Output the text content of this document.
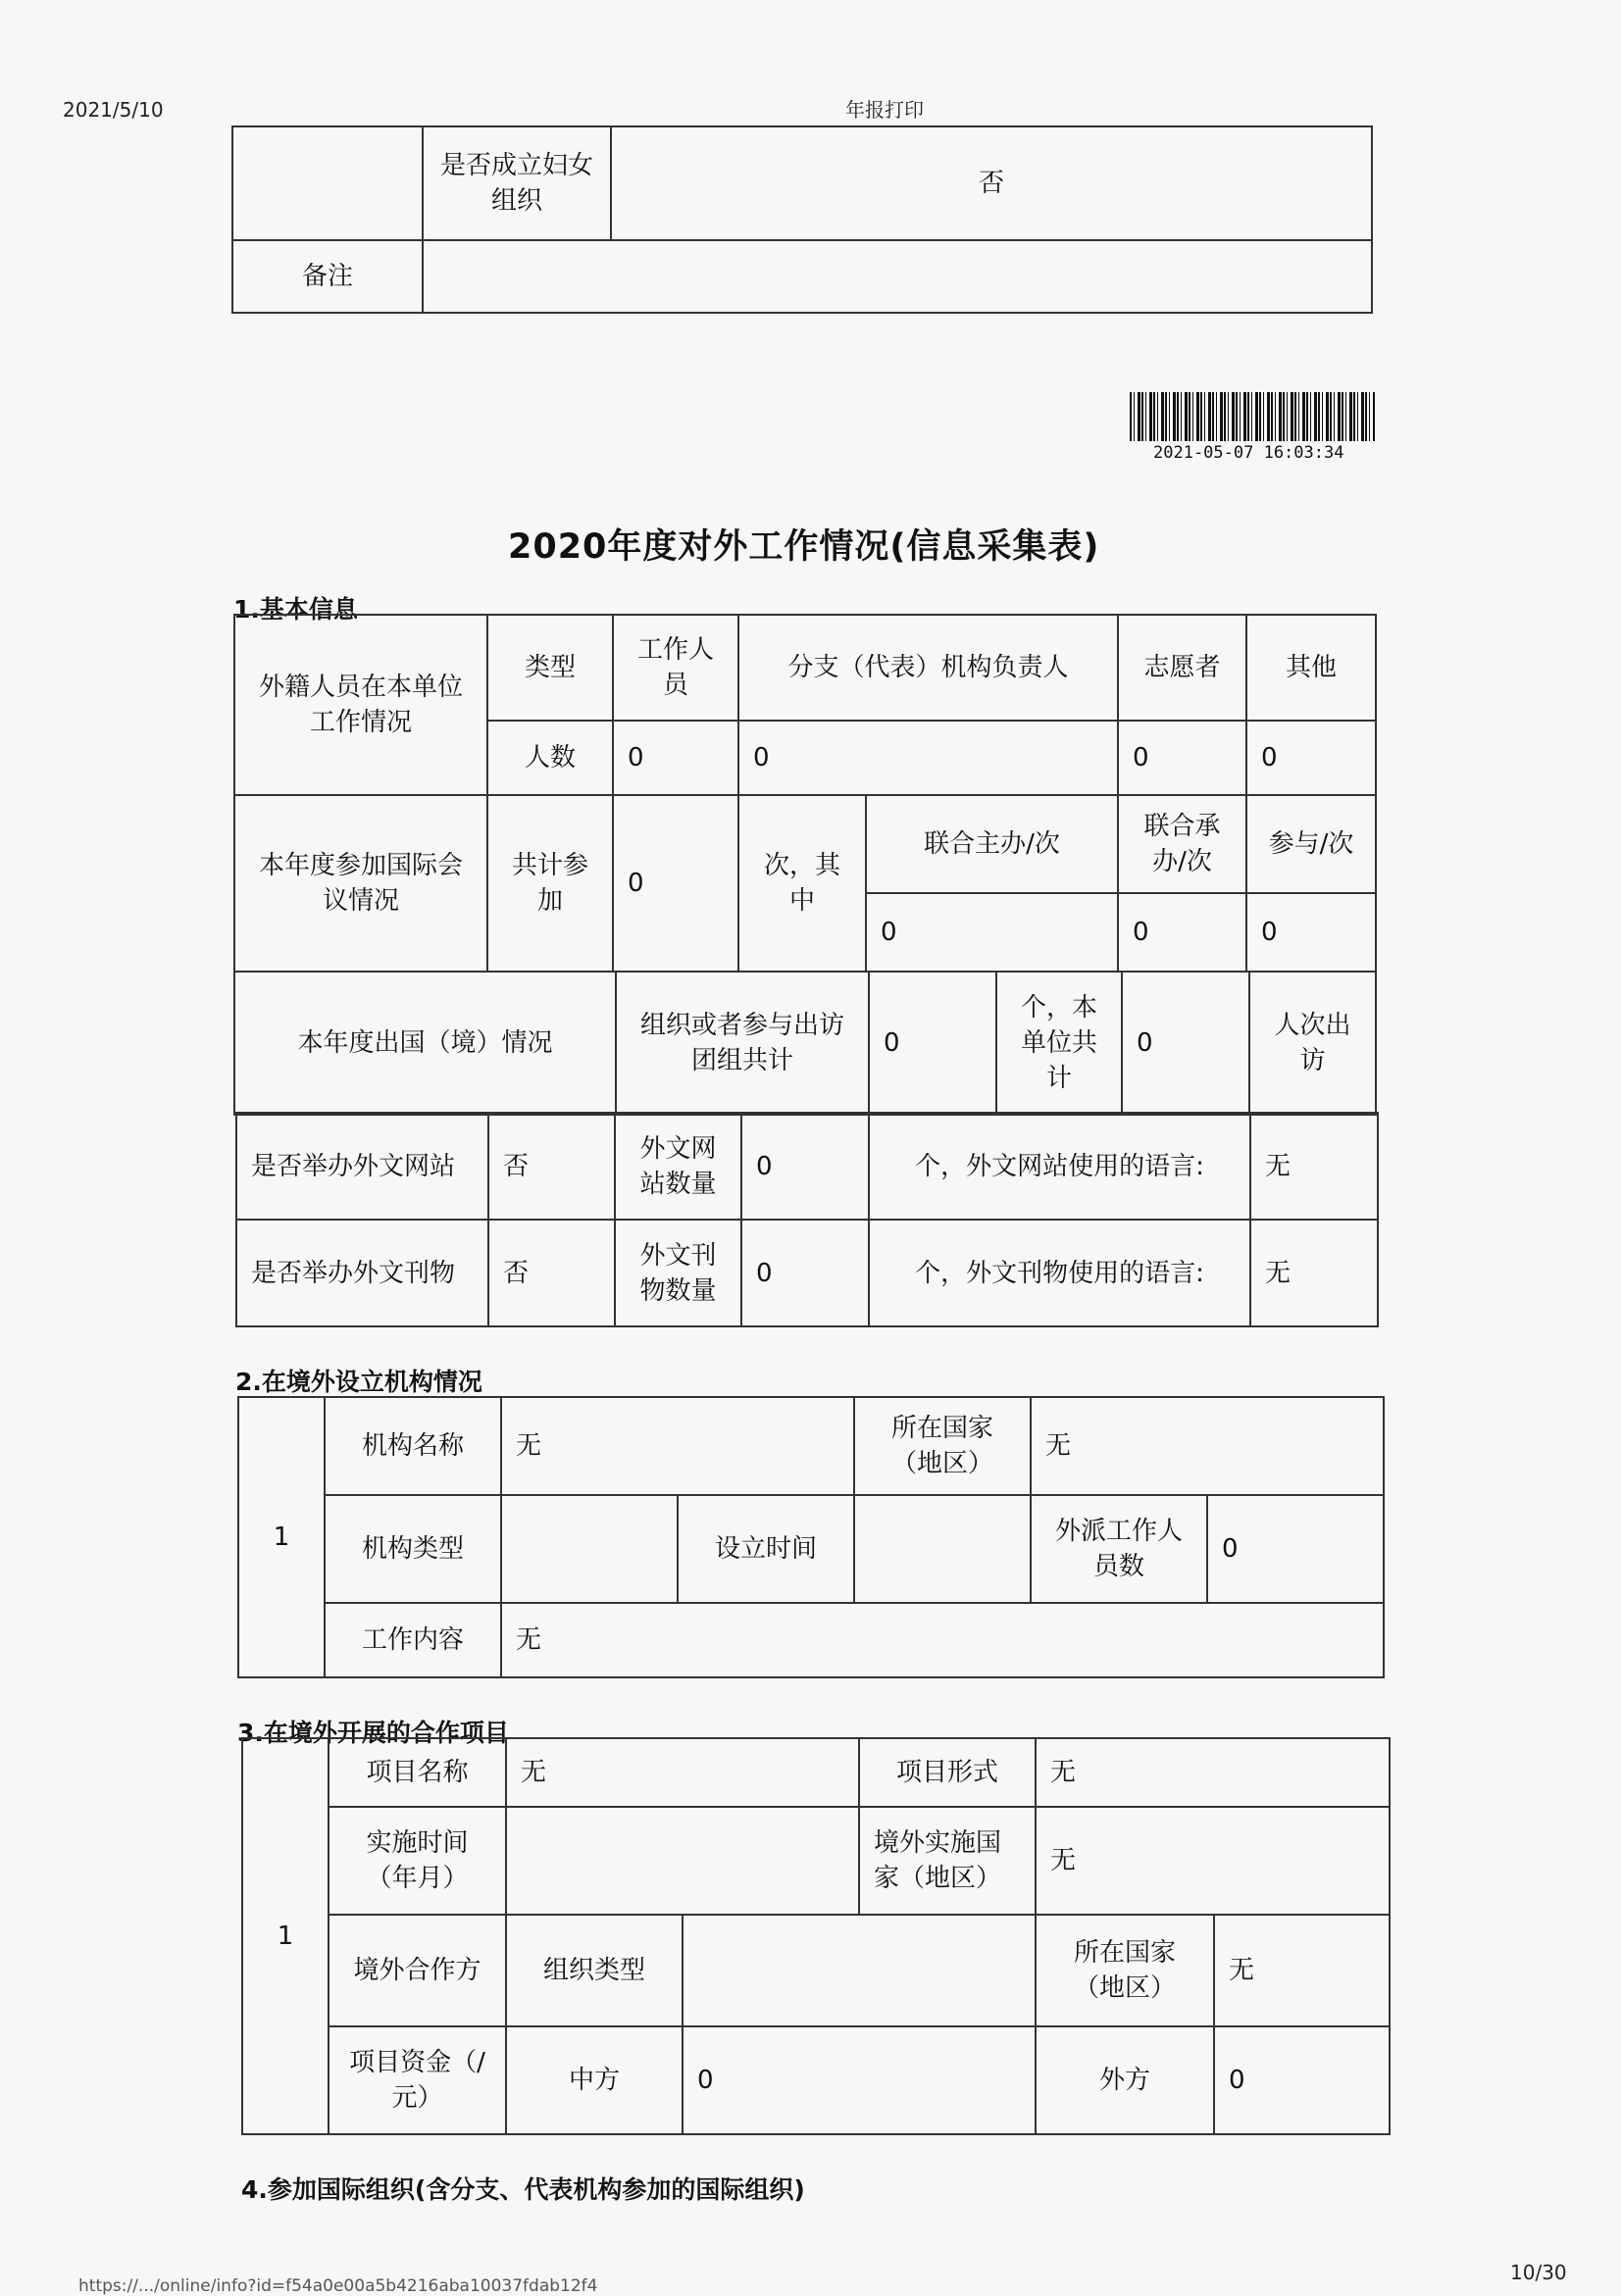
2021/5/10	年报打印
	是否成立妇女组织	否
备注		
2021-05-07 16:03:34
2020年度对外工作情况(信息采集表)
1.基本信息
外籍人员在本单位工作情况	类型	工作人员	分支（代表）机构负责人		志愿者	其他
	人数	0	0		0	0
本年度参加国际会议情况	共计参加	0	次，其中	联合主办/次	联合承办/次	参与/次
				0	0	0
本年度出国（境）情况	组织或者参与出访团组共计	0	个，本单位共计	0	人次出访
是否举办外文网站	否	外文网站数量	0	个，外文网站使用的语言:	无
是否举办外文刊物	否	外文刊物数量	0	个，外文刊物使用的语言:	无
2.在境外设立机构情况
1	机构名称	无		所在国家（地区）	无	
	机构类型		设立时间		外派工作人员数	0
	工作内容	无				
3.在境外开展的合作项目
1	项目名称	无		项目形式	无	
	实施时间（年月）			境外实施国家（地区）	无	
	境外合作方	组织类型			所在国家（地区）	无
	项目资金（/元）	中方	0		外方	0
4.参加国际组织(含分支、代表机构参加的国际组织)
https://.../online/info?id=f54a0e00a5b4216aba10037fdab12f4
10/30
